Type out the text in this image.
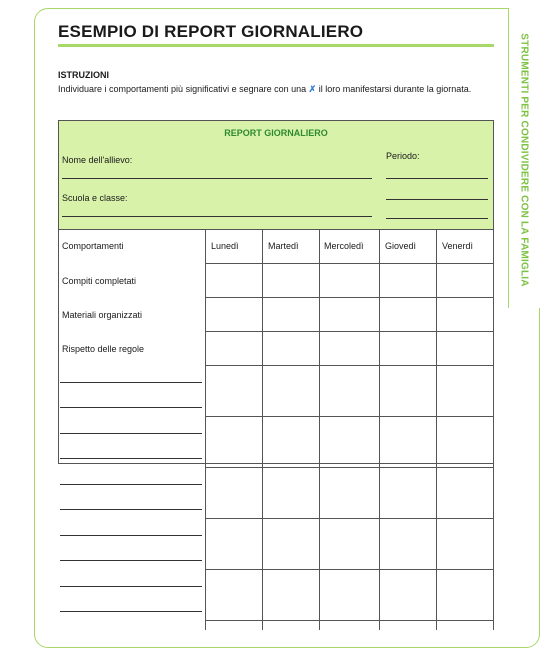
STRUMENTI PER CONDIVIDERE CON LA FAMIGLIA
ESEMPIO DI REPORT GIORNALIERO
ISTRUZIONI
Individuare i comportamenti più significativi e segnare con una ✗ il loro manifestarsi durante la giornata.
REPORT GIORNALIERO
Nome dell'allievo:
Scuola e classe:
Periodo:
Comportamenti	Lunedì	Martedì	Mercoledì Giovedì	Venerdì
Compiti completati
Materiali organizzati
Rispetto delle regole
